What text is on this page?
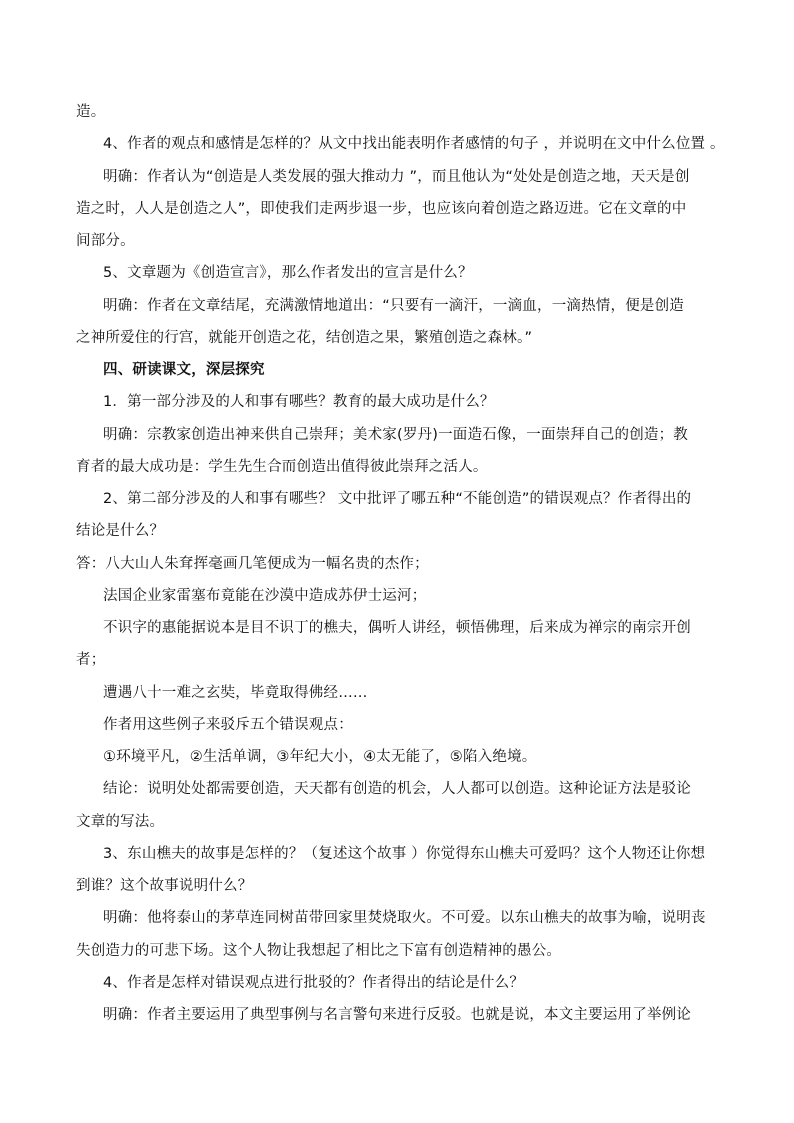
造。
4、作者的观点和感情是怎样的？从文中找出能表明作者感情的句子 ，并说明在文中什么位置 。
明确：作者认为“创造是人类发展的强大推动力 ”，而且他认为“处处是创造之地，天天是创
造之时，人人是创造之人”，即使我们走两步退一步，也应该向着创造之路迈进。它在文章的中
间部分。
5、文章题为《创造宣言》，那么作者发出的宣言是什么？
明确：作者在文章结尾，充满激情地道出：“只要有一滴汗，一滴血，一滴热情，便是创造
之神所爱住的行宫，就能开创造之花，结创造之果，繁殖创造之森林。”
四、研读课文，深层探究
1．第一部分涉及的人和事有哪些？教育的最大成功是什么？
明确：宗教家创造出神来供自己崇拜；美术家(罗丹)一面造石像，一面崇拜自己的创造；教
育者的最大成功是：学生先生合而创造出值得彼此崇拜之活人。
2、第二部分涉及的人和事有哪些？ 文中批评了哪五种“不能创造”的错误观点？作者得出的
结论是什么？
答：八大山人朱耷挥毫画几笔便成为一幅名贵的杰作；
法国企业家雷塞布竟能在沙漠中造成苏伊士运河；
不识字的惠能据说本是目不识丁的樵夫，偶听人讲经，顿悟佛理，后来成为禅宗的南宗开创
者；
遭遇八十一难之玄奘，毕竟取得佛经……
作者用这些例子来驳斥五个错误观点：
①环境平凡，②生活单调，③年纪大小，④太无能了，⑤陷入绝境。
结论：说明处处都需要创造，天天都有创造的机会，人人都可以创造。这种论证方法是驳论
文章的写法。
3、东山樵夫的故事是怎样的？（复述这个故事 ）你觉得东山樵夫可爱吗？这个人物还让你想
到谁？这个故事说明什么？
明确：他将泰山的茅草连同树苗带回家里焚烧取火。不可爱。以东山樵夫的故事为喻，说明丧
失创造力的可悲下场。这个人物让我想起了相比之下富有创造精神的愚公。
4、作者是怎样对错误观点进行批驳的？作者得出的结论是什么？
明确：作者主要运用了典型事例与名言警句来进行反驳。也就是说，本文主要运用了举例论
